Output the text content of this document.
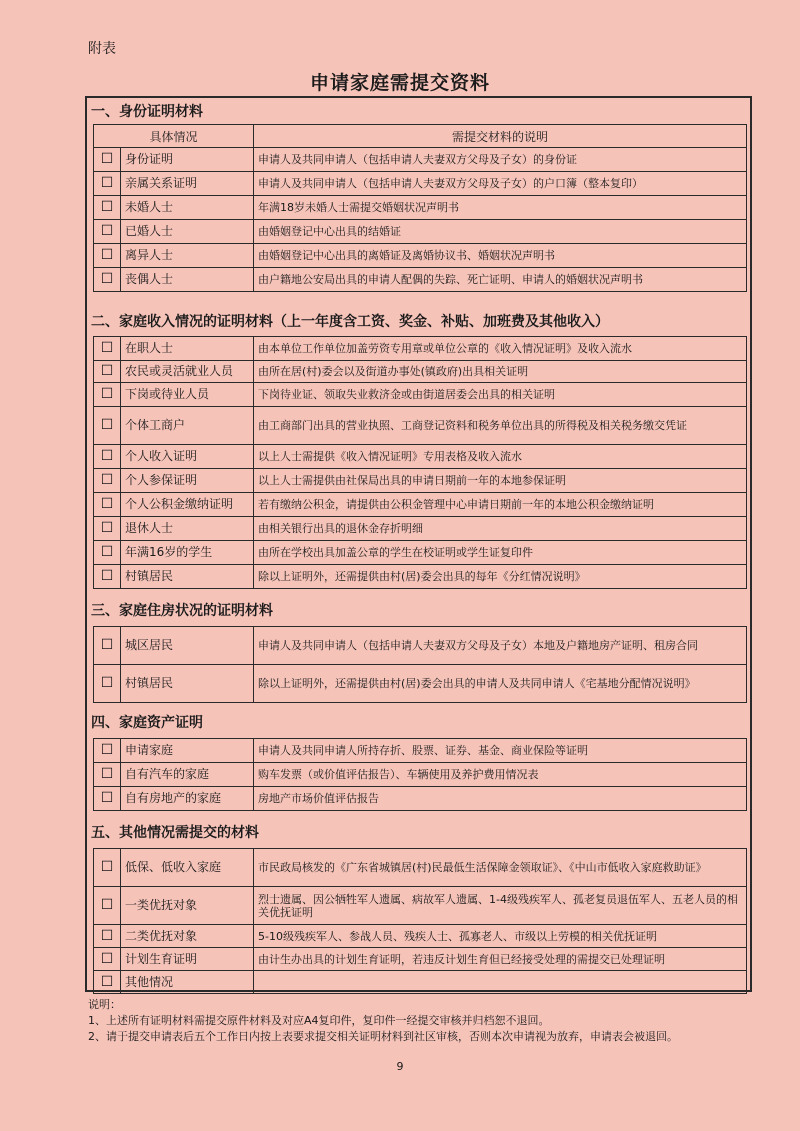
附表
申请家庭需提交资料
一、身份证明材料
具体情况		需提交材料的说明
☐	身份证明	申请人及共同申请人（包括申请人夫妻双方父母及子女）的身份证
☐	亲属关系证明	申请人及共同申请人（包括申请人夫妻双方父母及子女）的户口簿（整本复印）
☐	未婚人士	年满18岁未婚人士需提交婚姻状况声明书
☐	已婚人士	由婚姻登记中心出具的结婚证
☐	离异人士	由婚姻登记中心出具的离婚证及离婚协议书、婚姻状况声明书
☐	丧偶人士	由户籍地公安局出具的申请人配偶的失踪、死亡证明、申请人的婚姻状况声明书
二、家庭收入情况的证明材料（上一年度含工资、奖金、补贴、加班费及其他收入）
☐	在职人士	由本单位工作单位加盖劳资专用章或单位公章的《收入情况证明》及收入流水
☐	农民或灵活就业人员	由所在居(村)委会以及街道办事处(镇政府)出具相关证明
☐	下岗或待业人员	下岗待业证、领取失业救济金或由街道居委会出具的相关证明
☐	个体工商户	由工商部门出具的营业执照、工商登记资料和税务单位出具的所得税及相关税务缴交凭证
☐	个人收入证明	以上人士需提供《收入情况证明》专用表格及收入流水
☐	个人参保证明	以上人士需提供由社保局出具的申请日期前一年的本地参保证明
☐	个人公积金缴纳证明	若有缴纳公积金，请提供由公积金管理中心申请日期前一年的本地公积金缴纳证明
☐	退休人士	由相关银行出具的退休金存折明细
☐	年满16岁的学生	由所在学校出具加盖公章的学生在校证明或学生证复印件
☐	村镇居民	除以上证明外，还需提供由村(居)委会出具的每年《分红情况说明》
三、家庭住房状况的证明材料
☐	城区居民	申请人及共同申请人（包括申请人夫妻双方父母及子女）本地及户籍地房产证明、租房合同
☐	村镇居民	除以上证明外，还需提供由村(居)委会出具的申请人及共同申请人《宅基地分配情况说明》
四、家庭资产证明
☐	申请家庭	申请人及共同申请人所持存折、股票、证券、基金、商业保险等证明
☐	自有汽车的家庭	购车发票（或价值评估报告）、车辆使用及养护费用情况表
☐	自有房地产的家庭	房地产市场价值评估报告
五、其他情况需提交的材料
☐	低保、低收入家庭	市民政局核发的《广东省城镇居(村)民最低生活保障金领取证》、《中山市低收入家庭救助证》
☐	一类优抚对象	烈士遗属、因公牺牲军人遗属、病故军人遗属、1-4级残疾军人、孤老复员退伍军人、五老人员的相关优抚证明
☐	二类优抚对象	5-10级残疾军人、参战人员、残疾人士、孤寡老人、市级以上劳模的相关优抚证明
☐	计划生育证明	由计生办出具的计划生育证明，若违反计划生育但已经接受处理的需提交已处理证明
☐	其他情况	
说明：
1、上述所有证明材料需提交原件材料及对应A4复印件，复印件一经提交审核并归档恕不退回。
2、请于提交申请表后五个工作日内按上表要求提交相关证明材料到社区审核，否则本次申请视为放弃，申请表会被退回。
9
